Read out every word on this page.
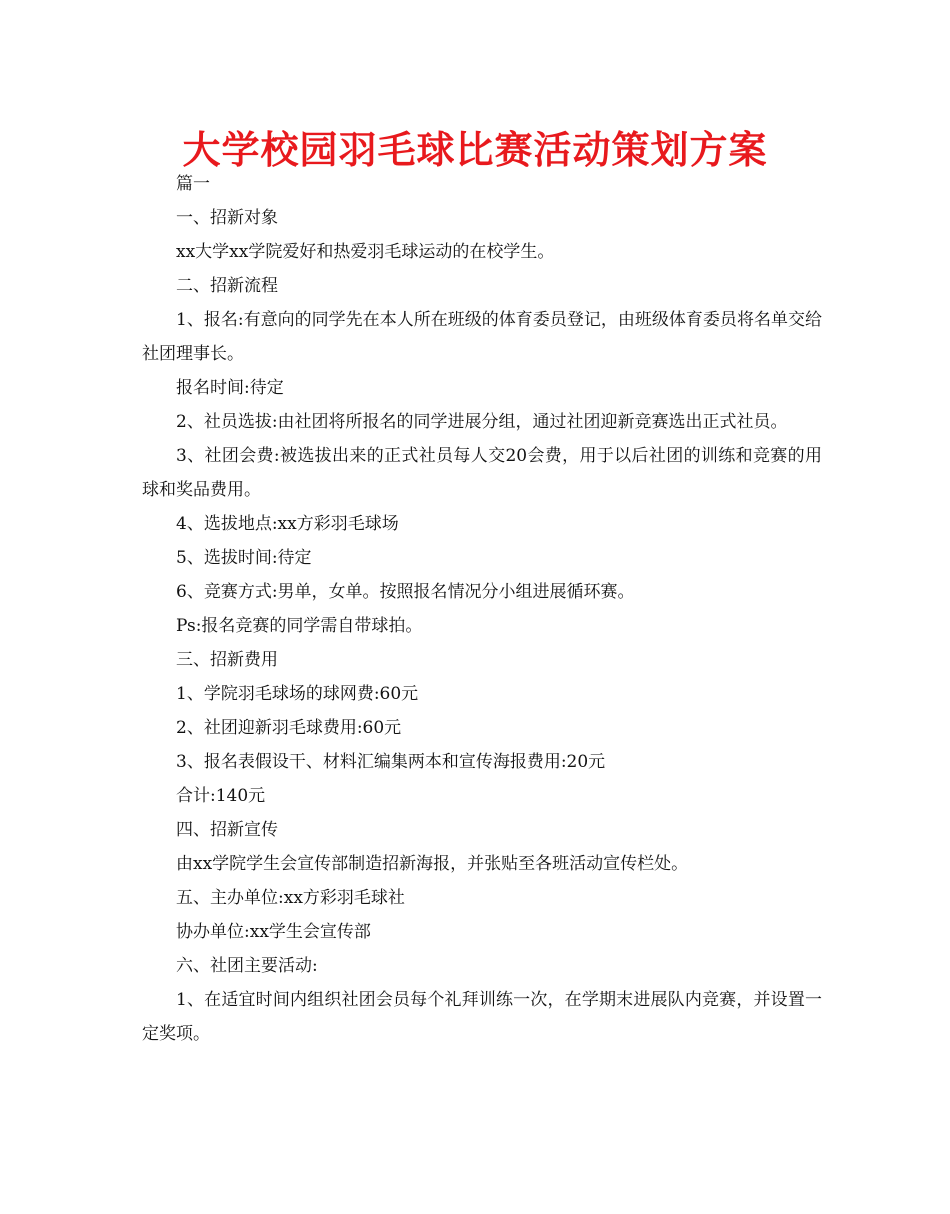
大学校园羽毛球比赛活动策划方案

篇一

一、招新对象

xx大学xx学院爱好和热爱羽毛球运动的在校学生。

二、招新流程

1、报名:有意向的同学先在本人所在班级的体育委员登记，由班级体育委员将名单交给社团理事长。

报名时间:待定

2、社员选拔:由社团将所报名的同学进展分组，通过社团迎新竞赛选出正式社员。

3、社团会费:被选拔出来的正式社员每人交20会费，用于以后社团的训练和竞赛的用球和奖品费用。

4、选拔地点:xx方彩羽毛球场

5、选拔时间:待定

6、竞赛方式:男单，女单。按照报名情况分小组进展循环赛。

Ps:报名竞赛的同学需自带球拍。

三、招新费用

1、学院羽毛球场的球网费:60元

2、社团迎新羽毛球费用:60元

3、报名表假设干、材料汇编集两本和宣传海报费用:20元

合计:140元

四、招新宣传

由xx学院学生会宣传部制造招新海报，并张贴至各班活动宣传栏处。

五、主办单位:xx方彩羽毛球社

协办单位:xx学生会宣传部

六、社团主要活动:

1、在适宜时间内组织社团会员每个礼拜训练一次，在学期末进展队内竞赛，并设置一定奖项。
